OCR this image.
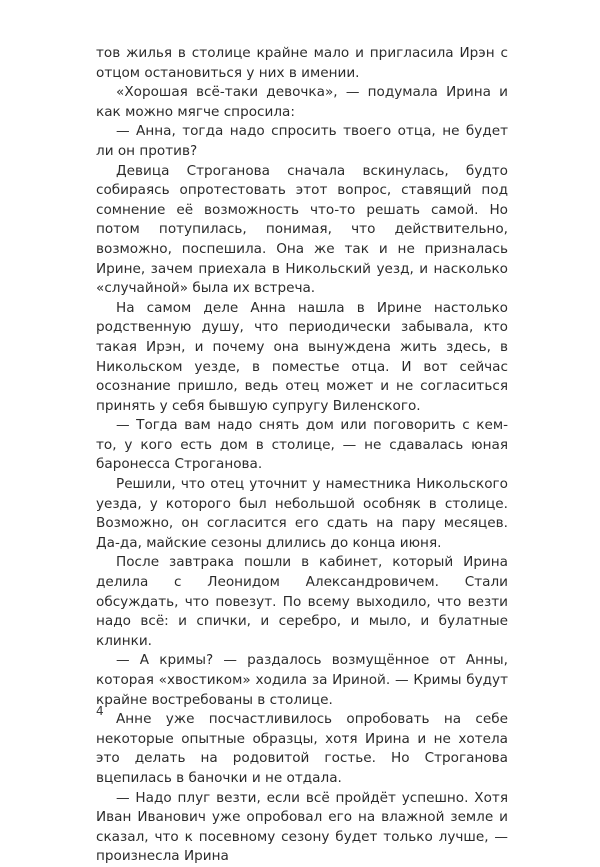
тов жилья в столице крайне мало и пригласила Ирэн с отцом остановиться у них в имении.

«Хорошая всё-таки девочка», — подумала Ирина и как можно мягче спросила:

— Анна, тогда надо спросить твоего отца, не будет ли он против?

Девица Строганова сначала вскинулась, будто собираясь опротестовать этот вопрос, ставящий под сомнение её возможность что-то решать самой. Но потом потупилась, понимая, что действительно, возможно, поспешила. Она же так и не призналась Ирине, зачем приехала в Никольский уезд, и насколько «случайной» была их встреча.

На самом деле Анна нашла в Ирине настолько родственную душу, что периодически забывала, кто такая Ирэн, и почему она вынуждена жить здесь, в Никольском уезде, в поместье отца. И вот сейчас осознание пришло, ведь отец может и не согласиться принять у себя бывшую супругу Виленского.

— Тогда вам надо снять дом или поговорить с кем-то, у кого есть дом в столице, — не сдавалась юная баронесса Строганова.

Решили, что отец уточнит у наместника Никольского уезда, у которого был небольшой особняк в столице. Возможно, он согласится его сдать на пару месяцев. Да-да, майские сезоны длились до конца июня.

После завтрака пошли в кабинет, который Ирина делила с Леонидом Александровичем. Стали обсуждать, что повезут. По всему выходило, что везти надо всё: и спички, и серебро, и мыло, и булатные клинки.

— А кримы? — раздалось возмущённое от Анны, которая «хвостиком» ходила за Ириной. — Кримы будут крайне востребованы в столице.

Анне уже посчастливилось опробовать на себе некоторые опытные образцы, хотя Ирина и не хотела это делать на родовитой гостье. Но Строганова вцепилась в баночки и не отдала.

— Надо плуг везти, если всё пройдёт успешно. Хотя Иван Иванович уже опробовал его на влажной земле и сказал, что к посевному сезону будет только лучше, — произнесла Ирина

4
